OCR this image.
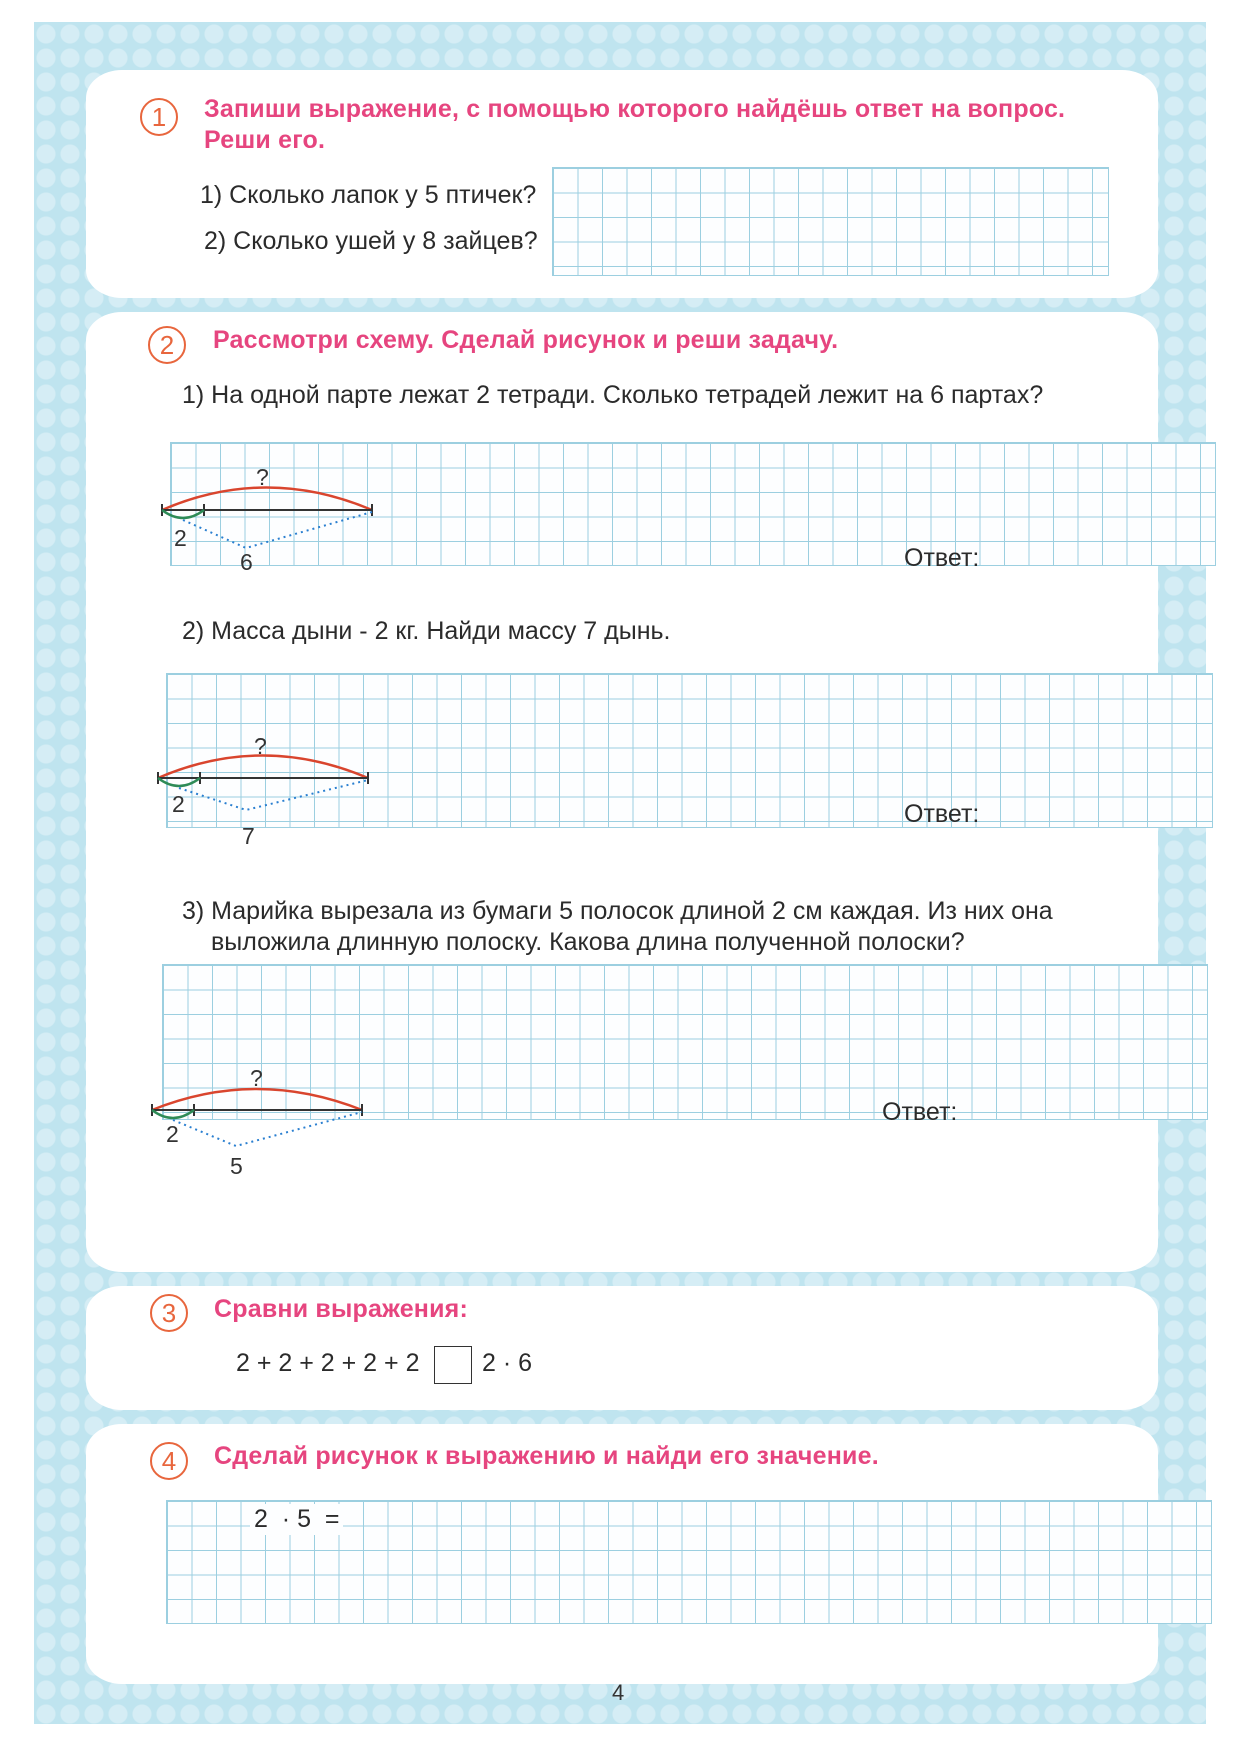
1	Запиши выражение, с помощью которого найдёшь ответ на вопрос.
Реши его.
1) Сколько лапок у 5 птичек?
2) Сколько ушей у 8 зайцев?
2	Рассмотри схему. Сделай рисунок и реши задачу.
1) На одной парте лежат 2 тетради. Сколько тетрадей лежит на 6 партах?
Ответ:
2) Масса дыни - 2 кг. Найди массу 7 дынь.
Ответ:
3) Марийка вырезала из бумаги 5 полосок длиной 2 см каждая. Из них она
выложила длинную полоску. Какова длина полученной полоски?
Ответ:
3	Сравни выражения:
2 + 2 + 2 + 2 + 2	2 · 6
4	Сделай рисунок к выражению и найди его значение.
2  · 5  =
4
?
2
6
?
2
7
?
2
5
